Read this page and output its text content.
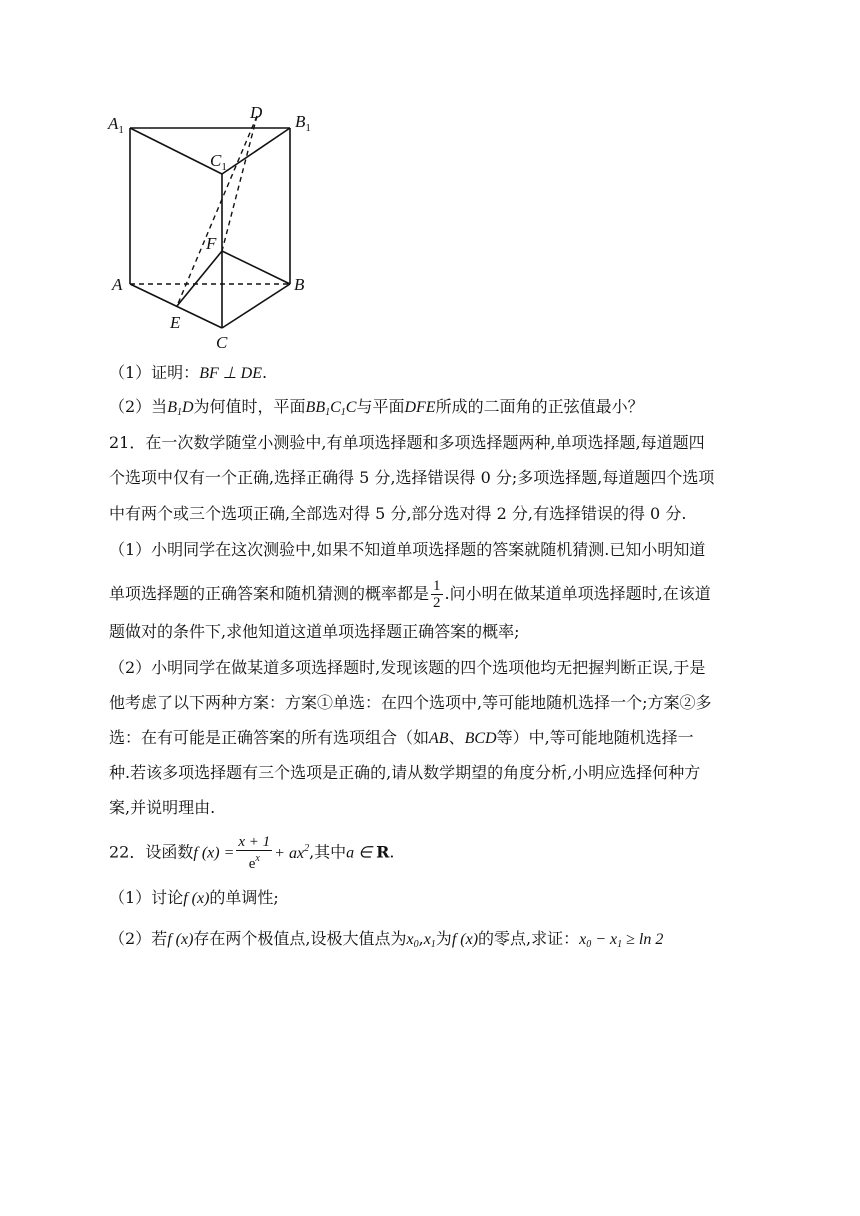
$A_1$	$B_1$
$C_1$
D
F
A	B
E
C
（1）证明：BF ⊥ DE.
（2）当$B_1D$为何值时，平面$BB_1C_1C$与平面DFE所成的二面角的正弦值最小？
21．在一次数学随堂小测验中,有单项选择题和多项选择题两种,单项选择题,每道题四
个选项中仅有一个正确,选择正确得 5 分,选择错误得 0 分;多项选择题,每道题四个选项
中有两个或三个选项正确,全部选对得 5 分,部分选对得 2 分,有选择错误的得 0 分.
（1）小明同学在这次测验中,如果不知道单项选择题的答案就随机猜测.已知小明知道
单项选择题的正确答案和随机猜测的概率都是 $\frac{1}{2}$ .问小明在做某道单项选择题时,在该道
题做对的条件下,求他知道这道单项选择题正确答案的概率;
（2）小明同学在做某道多项选择题时,发现该题的四个选项他均无把握判断正误,于是
他考虑了以下两种方案：方案①单选：在四个选项中,等可能地随机选择一个;方案②多
选：在有可能是正确答案的所有选项组合（如AB、BCD等）中,等可能地随机选择一
种.若该多项选择题有三个选项是正确的,请从数学期望的角度分析,小明应选择何种方
案,并说明理由.
22．设函数f $(x) = \frac{x + 1}{e^x} + ax^2$,其中a ∈ R.
（1）讨论f (x)的单调性;
（2）若f (x)存在两个极值点,设极大值点为$x_0,x_1$为f (x)的零点,求证：$x_0 - x_1 \ge \ln 2$
